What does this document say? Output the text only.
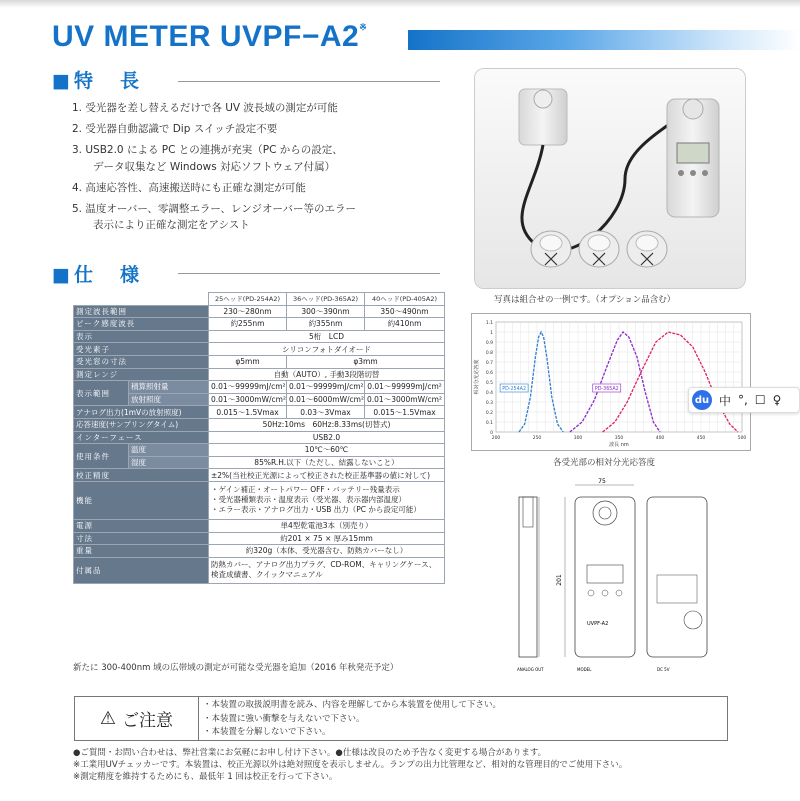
UV METER UVPF−A2※
■特　長
1. 受光器を差し替えるだけで各 UV 波長域の測定が可能
2. 受光器自動認識で Dip スイッチ設定不要
3. USB2.0 による PC との連携が充実（PC からの設定、
　　データ収集など Windows 対応ソフトウェア付属）
4. 高速応答性、高速搬送時にも正確な測定が可能
5. 温度オーバー、零調整エラー、レンジオーバー等のエラー
　　表示により正確な測定をアシスト
■仕　様
写真は組合せの一例です。（オプション品含む）
0
0.1
0.2
0.3
0.4
0.5
0.6
0.7
0.8
0.9
1
1.1
200	250	300	350	400	450	500
波長 nm
相対分光応答度	PD-254A2	PD-365A2
各受光部の相対分光応答度
		25ヘッド(PD-254A2)	36ヘッド(PD-365A2)	40ヘッド(PD-405A2)
測定波長範囲		230〜280nm	300〜390nm	350〜490nm
ピーク感度波長		約255nm	約355nm	約410nm
表示		5桁　LCD		
受光素子		シリコンフォトダイオード		
受光窓の寸法		φ5mm	φ3mm	
測定レンジ		自動（AUTO）, 手動3段階切替		
表示範囲	積算照射量	0.01〜99999mJ/cm²	0.01〜99999mJ/cm²	0.01〜99999mJ/cm²
	放射照度	0.01〜3000mW/cm²	0.01〜6000mW/cm²	0.01〜3000mW/cm²
アナログ出力(1mVの放射照度)		0.015〜1.5Vmax	0.03〜3Vmax	0.015〜1.5Vmax
応答速度(サンプリングタイム)		50Hz:10ms　60Hz:8.33ms(切替式)		
インターフェース		USB2.0		
使用条件	温度	10℃〜60℃		
	湿度	85%R.H.以下（ただし、結露しないこと）		
校正精度		±2%(当社校正光源によって校正された校正基準器の値に対して)		
機能		・ゲイン補正・オートパワー OFF・バッテリー残量表示
・受光器種類表示・温度表示（受光器、表示器内部温度）
・エラー表示・アナログ出力・USB 出力（PC から設定可能）		

電源		単4型乾電池3本（別売り）		
寸法		約201 × 75 × 厚み15mm		
重量		約320g（本体、受光器含む、防熱カバーなし）		
付属品		防熱カバー、アナログ出力プラグ、CD-ROM、キャリングケース、検査成績書、クイックマニュアル		
新たに 300-400nm 域の広帯域の測定が可能な受光器を追加（2016 年秋発売予定）
75
201
UVPF-A2
ANALOG OUT	MODEL	DC 5V
⚠ ご注意
・本装置の取扱説明書を読み、内容を理解してから本装置を使用して下さい。
・本装置に強い衝撃を与えないで下さい。
・本装置を分解しないで下さい。
●ご質問・お問い合わせは、弊社営業にお気軽にお申し付け下さい。●仕様は改良のため予告なく変更する場合があります。
※工業用UVチェッカーです。本装置は、校正光源以外は絶対照度を表示しません。ランプの出力比管理など、相対的な管理目的でご使用下さい。
※測定精度を維持するためにも、最低年 1 回は校正を行って下さい。
du 中 °, ☐ ♀
